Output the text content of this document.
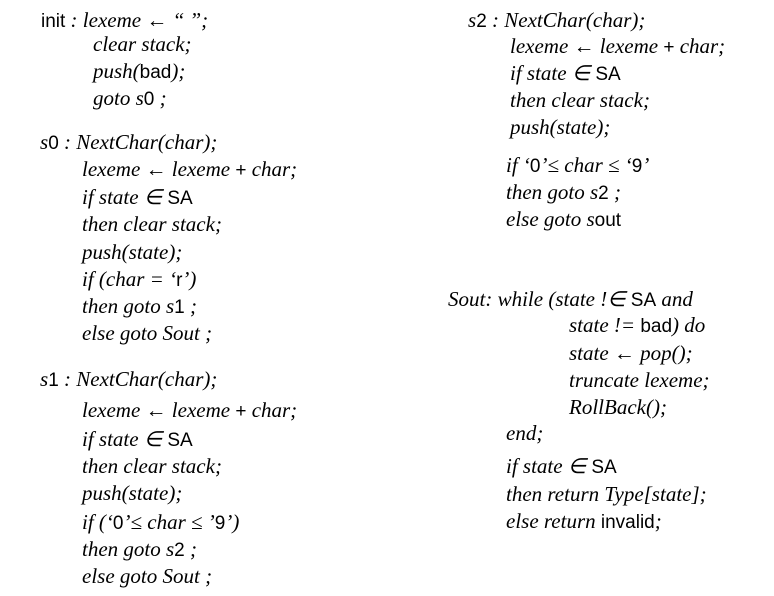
init : lexeme ← “ ”;
clear stack;
push(bad);
goto s0 ;
s0 : NextChar(char);
lexeme ← lexeme + char;
if state ∈ SA
then clear stack;
push(state);
if (char = ‘r’)
then goto s1 ;
else goto Sout ;
s1 : NextChar(char);
lexeme ← lexeme + char;
if state ∈ SA
then clear stack;
push(state);
if (‘0’≤ char ≤ ’9’)
then goto s2 ;
else goto Sout ;
s2 : NextChar(char);
lexeme ← lexeme + char;
if state ∈ SA
then clear stack;
push(state);
if ‘0’≤ char ≤ ‘9’
then goto s2 ;
else goto sout
Sout: while (state !∈ SA and
state != bad) do
state ← pop();
truncate lexeme;
RollBack();
end;
if state ∈ SA
then return Type[state];
else return invalid;
